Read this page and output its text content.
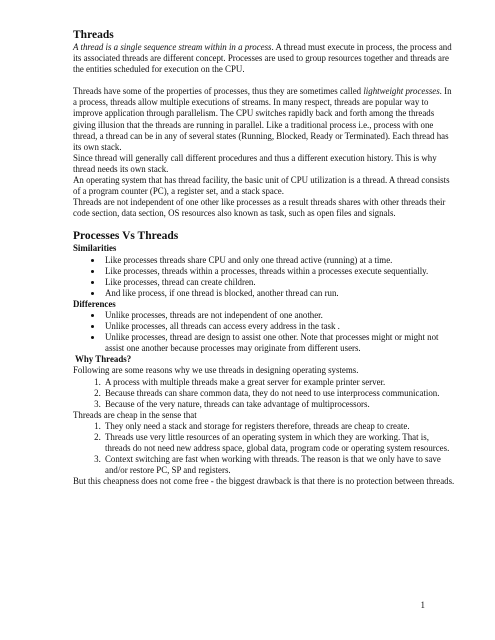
Threads

A thread is a single sequence stream within in a process. A thread must execute in process, the process and its associated threads are different concept. Processes are used to group resources together and threads are the entities scheduled for execution on the CPU.

Threads have some of the properties of processes, thus they are sometimes called lightweight processes. In a process, threads allow multiple executions of streams. In many respect, threads are popular way to improve application through parallelism. The CPU switches rapidly back and forth among the threads giving illusion that the threads are running in parallel. Like a traditional process i.e., process with one thread, a thread can be in any of several states (Running, Blocked, Ready or Terminated). Each thread has its own stack.

Since thread will generally call different procedures and thus a different execution history. This is why thread needs its own stack.

An operating system that has thread facility, the basic unit of CPU utilization is a thread. A thread consists of a program counter (PC), a register set, and a stack space.

Threads are not independent of one other like processes as a result threads shares with other threads their code section, data section, OS resources also known as task, such as open files and signals.

Processes Vs Threads

Similarities

• Like processes threads share CPU and only one thread active (running) at a time.
• Like processes, threads within a processes, threads within a processes execute sequentially.
• Like processes, thread can create children.
• And like process, if one thread is blocked, another thread can run.

Differences

• Unlike processes, threads are not independent of one another.
• Unlike processes, all threads can access every address in the task .
• Unlike processes, thread are design to assist one other. Note that processes might or might not assist one another because processes may originate from different users.

Why Threads?

Following are some reasons why we use threads in designing operating systems.

1. A process with multiple threads make a great server for example printer server.
2. Because threads can share common data, they do not need to use interprocess communication.
3. Because of the very nature, threads can take advantage of multiprocessors.

Threads are cheap in the sense that

1. They only need a stack and storage for registers therefore, threads are cheap to create.
2. Threads use very little resources of an operating system in which they are working. That is, threads do not need new address space, global data, program code or operating system resources.
3. Context switching are fast when working with threads. The reason is that we only have to save and/or restore PC, SP and registers.

But this cheapness does not come free - the biggest drawback is that there is no protection between threads.

1
